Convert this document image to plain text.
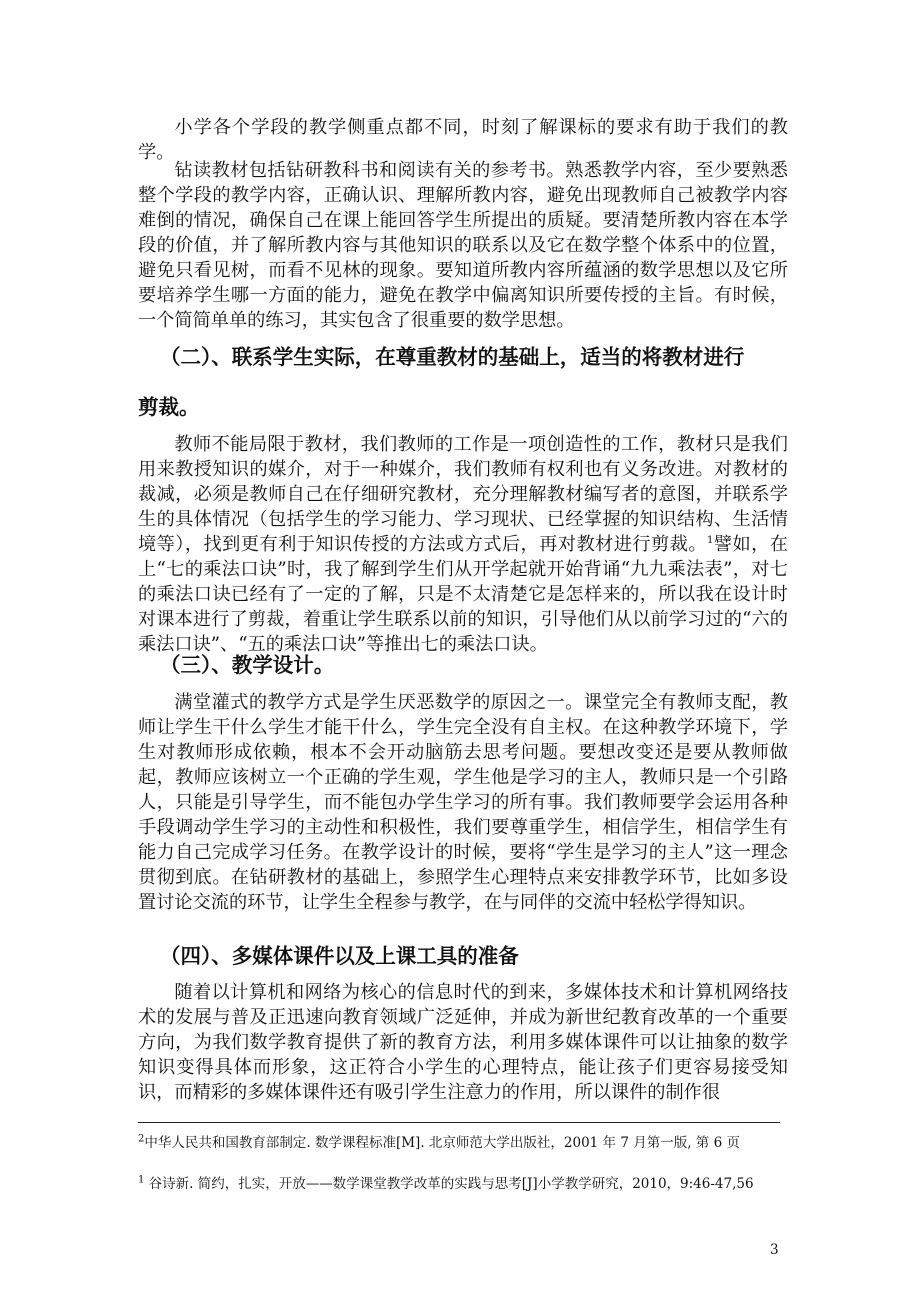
小学各个学段的教学侧重点都不同，时刻了解课标的要求有助于我们的教学。

钻读教材包括钻研教科书和阅读有关的参考书。熟悉教学内容，至少要熟悉整个学段的教学内容，正确认识、理解所教内容，避免出现教师自己被教学内容难倒的情况，确保自己在课上能回答学生所提出的质疑。要清楚所教内容在本学段的价值，并了解所教内容与其他知识的联系以及它在数学整个体系中的位置，避免只看见树，而看不见林的现象。要知道所教内容所蕴涵的数学思想以及它所要培养学生哪一方面的能力，避免在教学中偏离知识所要传授的主旨。有时候，一个简简单单的练习，其实包含了很重要的数学思想。

（二）、联系学生实际，在尊重教材的基础上，适当的将教材进行
剪裁。

教师不能局限于教材，我们教师的工作是一项创造性的工作，教材只是我们用来教授知识的媒介，对于一种媒介，我们教师有权利也有义务改进。对教材的裁减，必须是教师自己在仔细研究教材，充分理解教材编写者的意图，并联系学生的具体情况（包括学生的学习能力、学习现状、已经掌握的知识结构、生活情境等），找到更有利于知识传授的方法或方式后，再对教材进行剪裁。$^1$譬如，在上“七的乘法口诀”时，我了解到学生们从开学起就开始背诵“九九乘法表”，对七的乘法口诀已经有了一定的了解，只是不太清楚它是怎样来的，所以我在设计时对课本进行了剪裁，着重让学生联系以前的知识，引导他们从以前学习过的“六的乘法口诀”、“五的乘法口诀”等推出七的乘法口诀。

（三）、教学设计。

满堂灌式的教学方式是学生厌恶数学的原因之一。课堂完全有教师支配，教师让学生干什么学生才能干什么，学生完全没有自主权。在这种教学环境下，学生对教师形成依赖，根本不会开动脑筋去思考问题。要想改变还是要从教师做起，教师应该树立一个正确的学生观，学生他是学习的主人，教师只是一个引路人，只能是引导学生，而不能包办学生学习的所有事。我们教师要学会运用各种手段调动学生学习的主动性和积极性，我们要尊重学生，相信学生，相信学生有能力自己完成学习任务。在教学设计的时候，要将“学生是学习的主人”这一理念贯彻到底。在钻研教材的基础上，参照学生心理特点来安排教学环节，比如多设置讨论交流的环节，让学生全程参与教学，在与同伴的交流中轻松学得知识。

（四）、多媒体课件以及上课工具的准备

随着以计算机和网络为核心的信息时代的到来，多媒体技术和计算机网络技术的发展与普及正迅速向教育领域广泛延伸，并成为新世纪教育改革的一个重要方向，为我们数学教育提供了新的教育方法，利用多媒体课件可以让抽象的数学知识变得具体而形象，这正符合小学生的心理特点，能让孩子们更容易接受知识，而精彩的多媒体课件还有吸引学生注意力的作用，所以课件的制作很

$^2$中华人民共和国教育部制定. 数学课程标准[M]. 北京师范大学出版社，2001 年 7 月第一版, 第 6 页

$^1$ 谷诗新. 简约，扎实，开放——数学课堂教学改革的实践与思考[J]小学教学研究，2010，9:46-47,56

3
